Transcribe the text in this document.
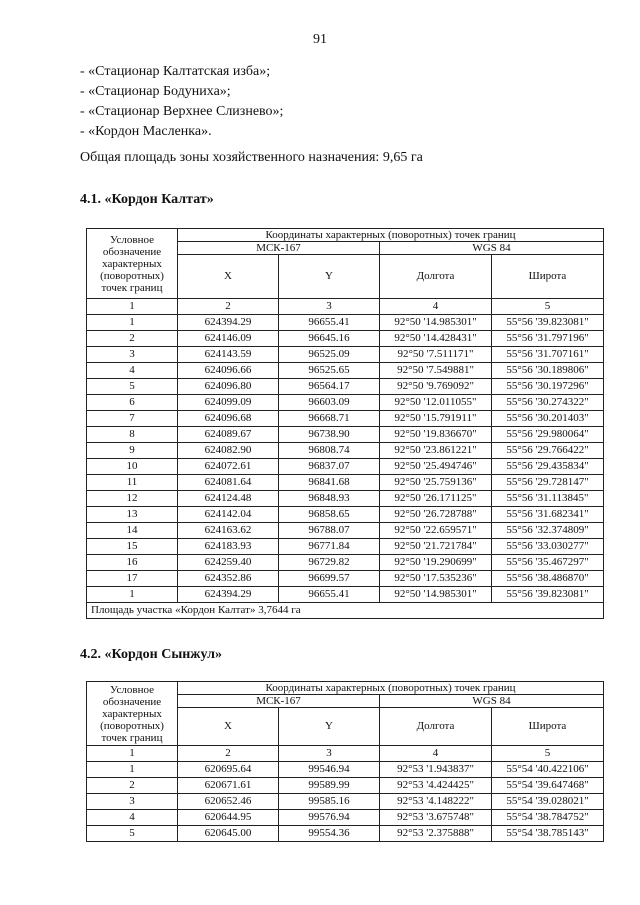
91
- «Стационар Калтатская изба»;
- «Стационар Бодуниха»;
- «Стационар Верхнее Слизнево»;
- «Кордон Масленка».
Общая площадь зоны хозяйственного назначения: 9,65 га
4.1. «Кордон Калтат»
Условное обозначение характерных (поворотных) точек границ	Координаты характерных (поворотных) точек границ			
	МСК-167		WGS 84	
	X	Y	Долгота	Широта
1	2	3	4	5
1	624394.29	96655.41	92°50 '14.985301"	55°56 '39.823081"
2	624146.09	96645.16	92°50 '14.428431"	55°56 '31.797196"
3	624143.59	96525.09	92°50 '7.511171"	55°56 '31.707161"
4	624096.66	96525.65	92°50 '7.549881"	55°56 '30.189806"
5	624096.80	96564.17	92°50 '9.769092"	55°56 '30.197296"
6	624099.09	96603.09	92°50 '12.011055"	55°56 '30.274322"
7	624096.68	96668.71	92°50 '15.791911"	55°56 '30.201403"
8	624089.67	96738.90	92°50 '19.836670"	55°56 '29.980064"
9	624082.90	96808.74	92°50 '23.861221"	55°56 '29.766422"
10	624072.61	96837.07	92°50 '25.494746"	55°56 '29.435834"
11	624081.64	96841.68	92°50 '25.759136"	55°56 '29.728147"
12	624124.48	96848.93	92°50 '26.171125"	55°56 '31.113845"
13	624142.04	96858.65	92°50 '26.728788"	55°56 '31.682341"
14	624163.62	96788.07	92°50 '22.659571"	55°56 '32.374809"
15	624183.93	96771.84	92°50 '21.721784"	55°56 '33.030277"
16	624259.40	96729.82	92°50 '19.290699"	55°56 '35.467297"
17	624352.86	96699.57	92°50 '17.535236"	55°56 '38.486870"
1	624394.29	96655.41	92°50 '14.985301"	55°56 '39.823081"
Площадь участка «Кордон Калтат» 3,7644 га				
4.2. «Кордон Сынжул»
Условное обозначение характерных (поворотных) точек границ	Координаты характерных (поворотных) точек границ			
	МСК-167		WGS 84	
	X	Y	Долгота	Широта
1	2	3	4	5
1	620695.64	99546.94	92°53 '1.943837"	55°54 '40.422106"
2	620671.61	99589.99	92°53 '4.424425"	55°54 '39.647468"
3	620652.46	99585.16	92°53 '4.148222"	55°54 '39.028021"
4	620644.95	99576.94	92°53 '3.675748"	55°54 '38.784752"
5	620645.00	99554.36	92°53 '2.375888"	55°54 '38.785143"
